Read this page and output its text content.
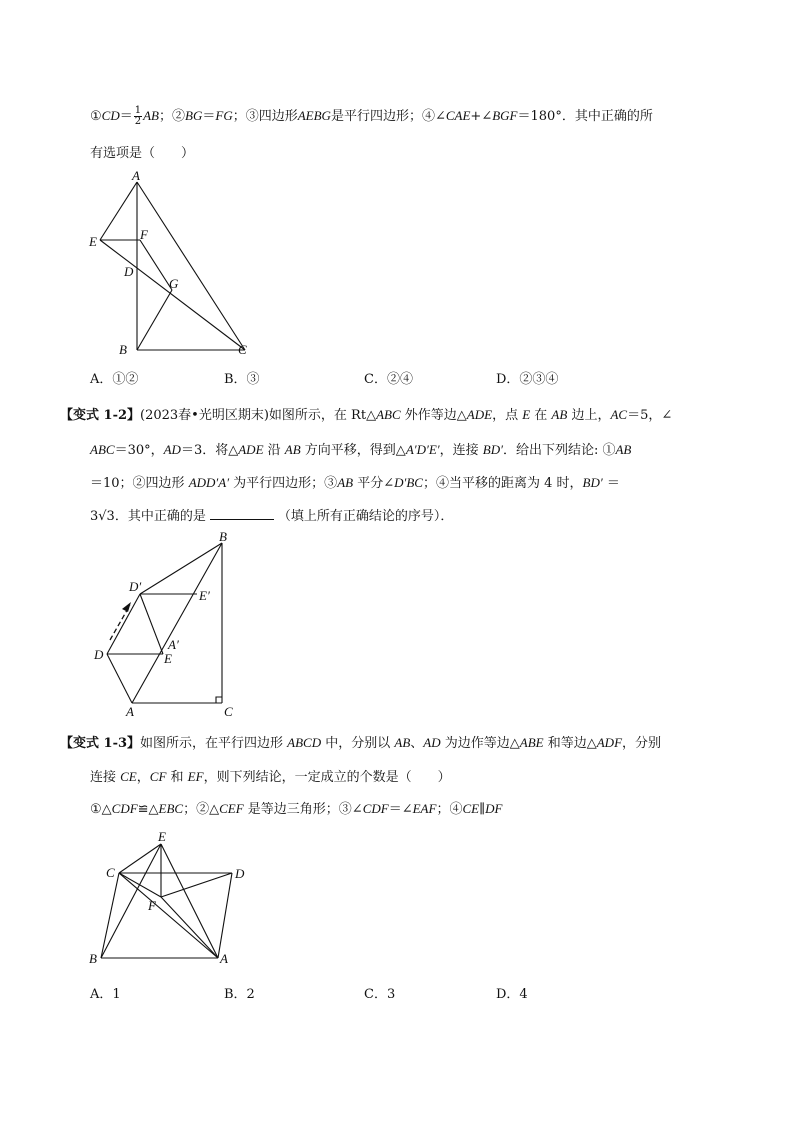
①CD＝ $\frac{1}{2}$ AB；②BG＝FG；③四边形AEBG是平行四边形；④∠CAE+∠BGF＝180°．其中正确的所
有选项是（　　）
A
E	F
D
G
B	C
A．①②	B．③	C．②④	D．②③④
【变式 1-2】(2023春•光明区期末)如图所示，在 Rt△ABC 外作等边△ADE，点 E 在 AB 边上，AC＝5，∠
ABC＝30°，AD＝3．将△ADE 沿 AB 方向平移，得到△A′D′E′，连接 BD′．给出下列结论: ①AB
＝10；②四边形 ADD′A′ 为平行四边形；③AB 平分∠D′BC；④当平移的距离为 4 时，BD′ ＝
3√3．其中正确的是	（填上所有正确结论的序号）．
B
D′
E′
A′
D	E
A	C
【变式 1-3】如图所示，在平行四边形 ABCD 中，分别以 AB、AD 为边作等边△ABE 和等边△ADF，分别
连接 CE，CF 和 EF，则下列结论，一定成立的个数是（　　）
①△CDF≌△EBC；②△CEF 是等边三角形；③∠CDF＝∠EAF；④CE∥DF
E
C	D
F
B	A
A．1	B．2	C．3	D．4
